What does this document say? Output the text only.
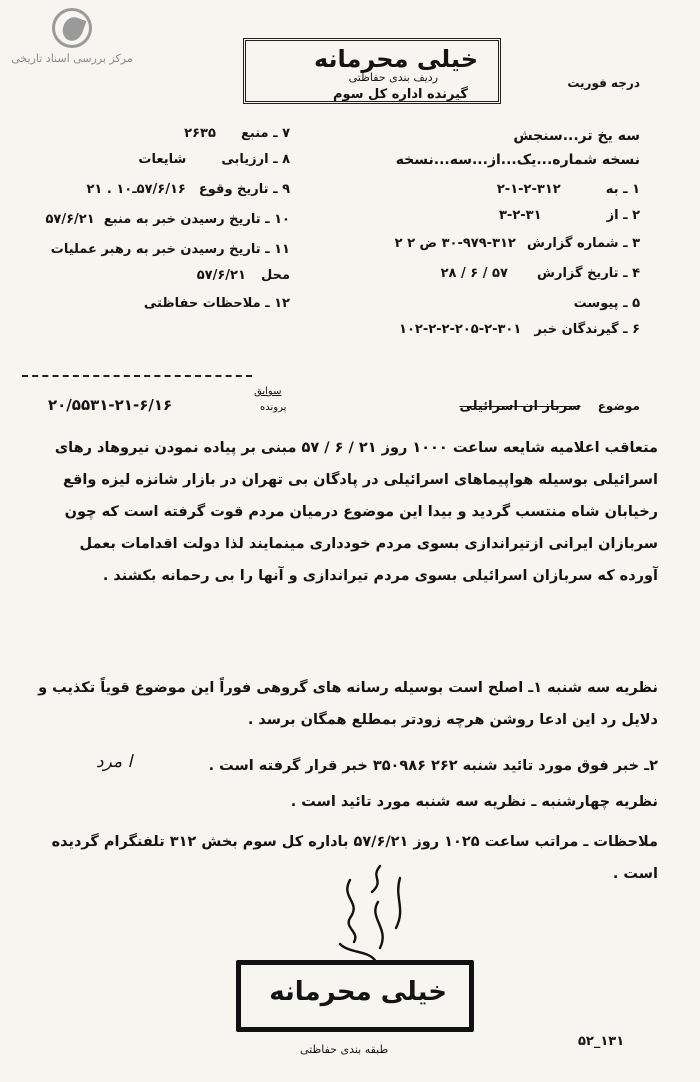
مرکز بررسی اسناد تاریخی	خیلی محرمانه
ردیف بندی حفاظتی
گیرنده اداره کل سوم
درجه فوریت
سه یخ تر...سنجش
نسخه شماره...یک...از...سه...نسخه
۱ ـ به ۳۱۲‑۲‑۱‑۲
۲ ـ از ۳۱‑۲‑۳
۳ ـ شماره گزارش ۳۱۲‑۹۷۹‑۳۰ ض ۲ ۲
۴ ـ تاریخ گزارش ۵۷ / ۶ / ۲۸
۵ ـ پیوست
۶ ـ گیرندگان خبر ۳۰۱‑۲‑۲۰۵‑۲‑۲‑۱۰۲
۷ ـ منبع ۲۶۳۵
۸ ـ ارزیابی شایعات
۹ ـ تاریخ وقوع ۵۷/۶/۱۶ـ۱۰ . ۲۱
۱۰ ـ تاریخ رسیدن خبر به منبع ۵۷/۶/۲۱
۱۱ ـ تاریخ رسیدن خبر به رهبر عملیات
محل ۵۷/۶/۲۱
۱۲ ـ ملاحظات حفاظتی
موضوع سرباز ان اسرائیلی
سوابق
پرونده
۶/۱۶‑۲۱‑۲۰/۵۵۳۱
متعاقب اعلامیه شایعه ساعت ۱۰۰۰ روز ۲۱ / ۶ / ۵۷ مبنی بر پیاده نمودن نیروهاد رهای اسرائیلی بوسیله هواپیماهای اسرائیلی در پادگان بی تهران در بازار شانزه لیزه واقع رخیابان شاه منتسب گردید و بیدا این موضوع درمیان مردم قوت گرفته است که چون سربازان ایرانی ازتیراندازی بسوی مردم خودداری مینمایند لذا دولت اقدامات بعمل آورده که سربازان اسرائیلی بسوی مردم تیراندازی و آنها را بی رحمانه بکشند .
نظریه سه شنبه ۱ـ اصلح است بوسیله رسانه های گروهی فوراً این موضوع قویاً تکذیب و دلایل رد این ادعا روشن هرچه زودتر بمطلع همگان برسد .
۲ـ خبر فوق مورد تائید شنبه ۲۶۲ ۳۵۰۹۸۶ خبر قرار گرفته است .
ا مرد
نظریه چهارشنبه ـ نظریه سه شنبه مورد تائید است .
ملاحظات ـ مراتب ساعت ۱۰۲۵ روز ۵۷/۶/۲۱ باداره کل سوم بخش ۳۱۲ تلفنگرام گردیده است .
خیلی محرمانه
طبقه بندی حفاظتی
۵۲_۱۳۱
